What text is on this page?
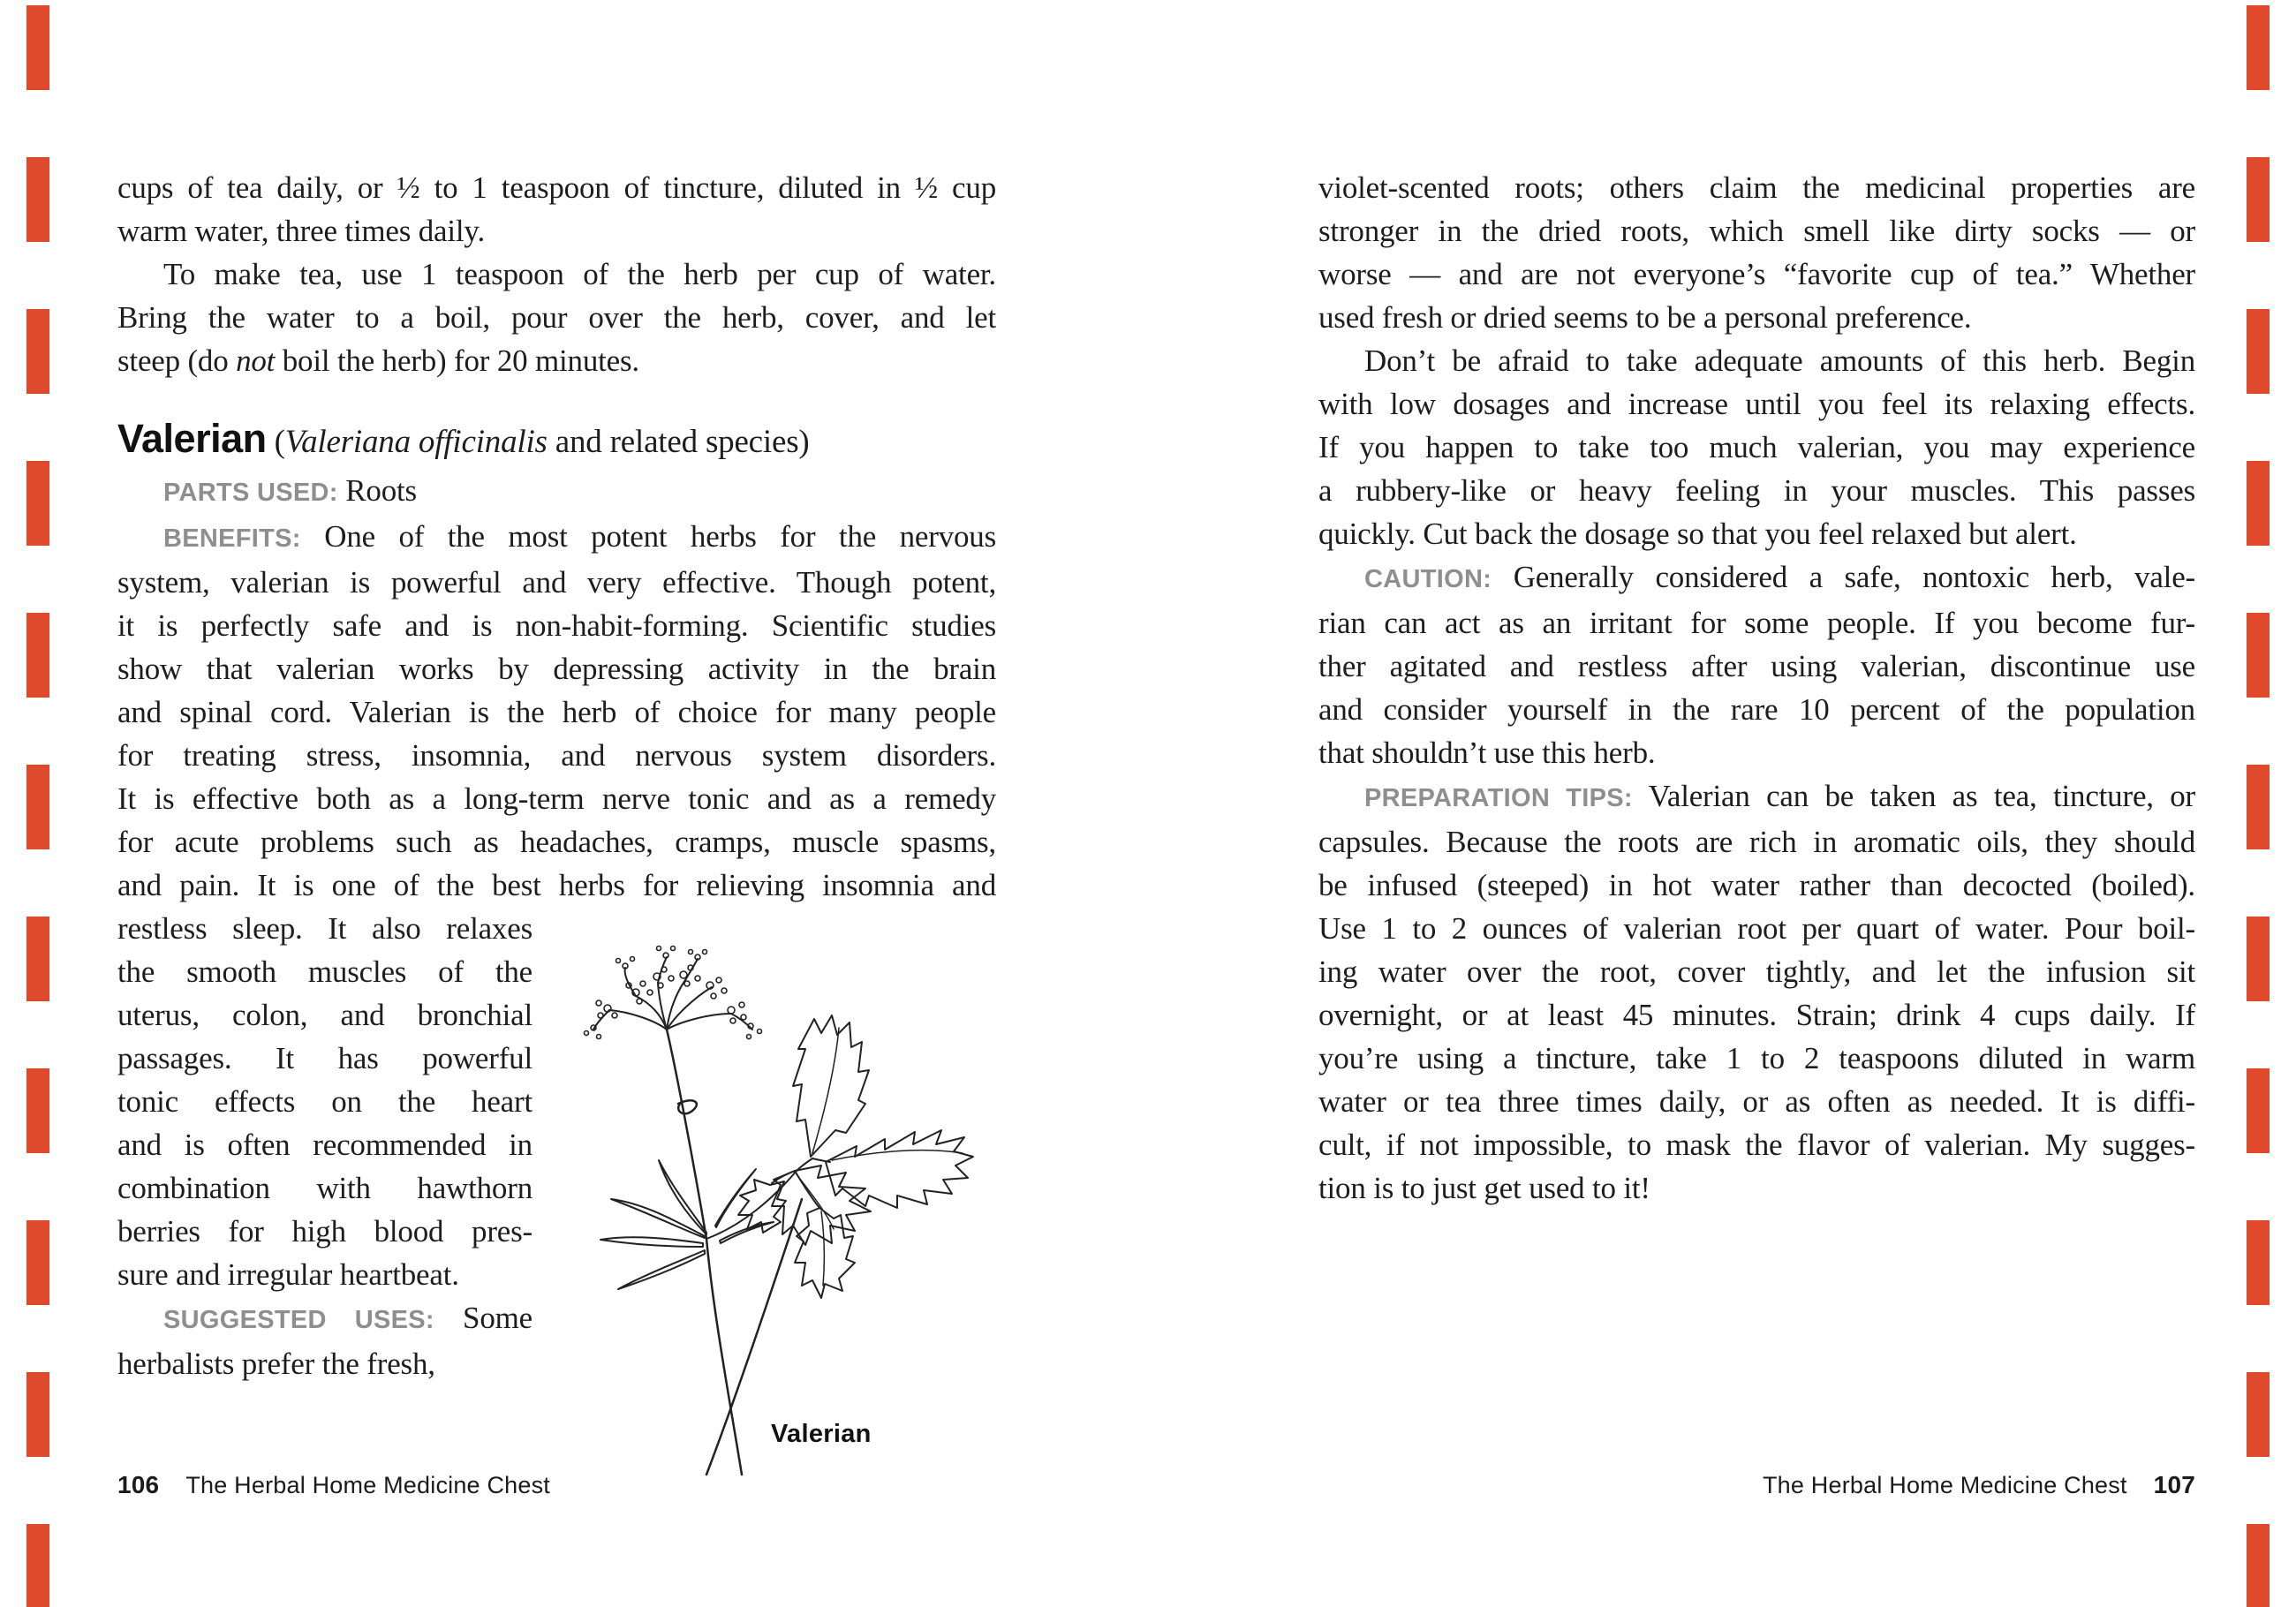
cups of tea daily, or ½ to 1 teaspoon of tincture, diluted in ½ cup
warm water, three times daily.
To make tea, use 1 teaspoon of the herb per cup of water.
Bring the water to a boil, pour over the herb, cover, and let
steep (do not boil the herb) for 20 minutes.
Valerian (Valeriana officinalis and related species)
PARTS USED: Roots
BENEFITS: One of the most potent herbs for the nervous
system, valerian is powerful and very effective. Though potent,
it is perfectly safe and is non-habit-forming. Scientific studies
show that valerian works by depressing activity in the brain
and spinal cord. Valerian is the herb of choice for many people
for treating stress, insomnia, and nervous system disorders.
It is effective both as a long-term nerve tonic and as a remedy
for acute problems such as headaches, cramps, muscle spasms,
and pain. It is one of the best herbs for relieving insomnia and
restless sleep. It also relaxes
the smooth muscles of the
uterus, colon, and bronchial
passages. It has powerful
tonic effects on the heart
and is often recommended in
combination with hawthorn
berries for high blood pres-
sure and irregular heartbeat.
SUGGESTED USES: Some
herbalists prefer the fresh,
Valerian
violet-scented roots; others claim the medicinal properties are
stronger in the dried roots, which smell like dirty socks — or
worse — and are not everyone’s “favorite cup of tea.” Whether
used fresh or dried seems to be a personal preference.
Don’t be afraid to take adequate amounts of this herb. Begin
with low dosages and increase until you feel its relaxing effects.
If you happen to take too much valerian, you may experience
a rubbery-like or heavy feeling in your muscles. This passes
quickly. Cut back the dosage so that you feel relaxed but alert.
CAUTION: Generally considered a safe, nontoxic herb, vale-
rian can act as an irritant for some people. If you become fur-
ther agitated and restless after using valerian, discontinue use
and consider yourself in the rare 10 percent of the population
that shouldn’t use this herb.
PREPARATION TIPS: Valerian can be taken as tea, tincture, or
capsules. Because the roots are rich in aromatic oils, they should
be infused (steeped) in hot water rather than decocted (boiled).
Use 1 to 2 ounces of valerian root per quart of water. Pour boil-
ing water over the root, cover tightly, and let the infusion sit
overnight, or at least 45 minutes. Strain; drink 4 cups daily. If
you’re using a tincture, take 1 to 2 teaspoons diluted in warm
water or tea three times daily, or as often as needed. It is diffi-
cult, if not impossible, to mask the flavor of valerian. My sugges-
tion is to just get used to it!
106 The Herbal Home Medicine Chest	The Herbal Home Medicine Chest 107
